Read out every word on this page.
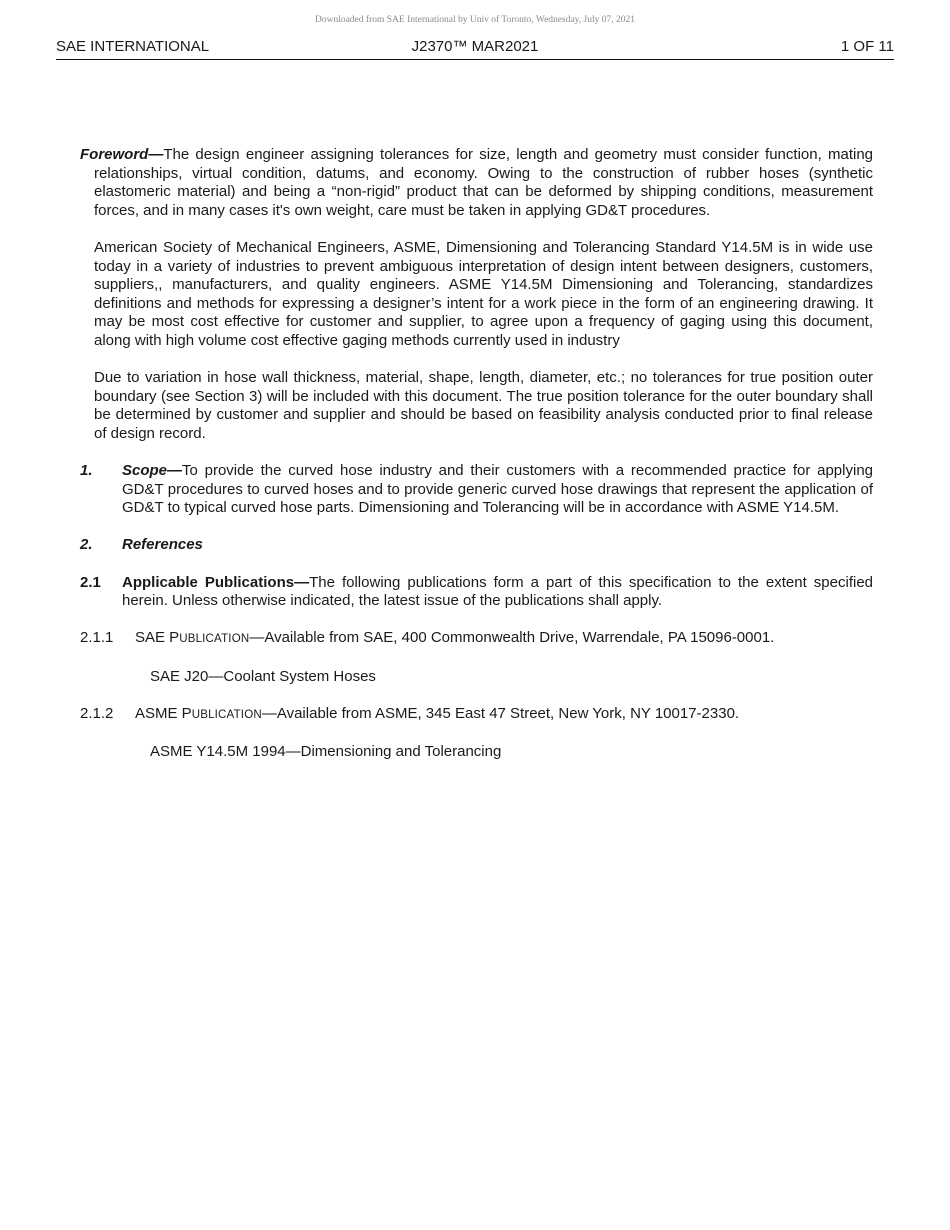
Downloaded from SAE International by Univ of Toronto, Wednesday, July 07, 2021
SAE INTERNATIONAL	J2370™ MAR2021	1 OF 11

Foreword—The design engineer assigning tolerances for size, length and geometry must consider function, mating relationships, virtual condition, datums, and economy. Owing to the construction of rubber hoses (synthetic elastomeric material) and being a “non-rigid” product that can be deformed by shipping conditions, measurement forces, and in many cases it's own weight, care must be taken in applying GD&T procedures.

American Society of Mechanical Engineers, ASME, Dimensioning and Tolerancing Standard Y14.5M is in wide use today in a variety of industries to prevent ambiguous interpretation of design intent between designers, customers, suppliers,, manufacturers, and quality engineers. ASME Y14.5M Dimensioning and Tolerancing, standardizes definitions and methods for expressing a designer’s intent for a work piece in the form of an engineering drawing. It may be most cost effective for customer and supplier, to agree upon a frequency of gaging using this document, along with high volume cost effective gaging methods currently used in industry

Due to variation in hose wall thickness, material, shape, length, diameter, etc.; no tolerances for true position outer boundary (see Section 3) will be included with this document. The true position tolerance for the outer boundary shall be determined by customer and supplier and should be based on feasibility analysis conducted prior to final release of design record.

1.	Scope—To provide the curved hose industry and their customers with a recommended practice for applying GD&T procedures to curved hoses and to provide generic curved hose drawings that represent the application of GD&T to typical curved hose parts. Dimensioning and Tolerancing will be in accordance with ASME Y14.5M.
2.	References
2.1	Applicable Publications—The following publications form a part of this specification to the extent specified herein. Unless otherwise indicated, the latest issue of the publications shall apply.
2.1.1	SAE PUBLICATION—Available from SAE, 400 Commonwealth Drive, Warrendale, PA 15096-0001.

SAE J20—Coolant System Hoses

2.1.2	ASME PUBLICATION—Available from ASME, 345 East 47 Street, New York, NY 10017-2330.

ASME Y14.5M 1994—Dimensioning and Tolerancing
